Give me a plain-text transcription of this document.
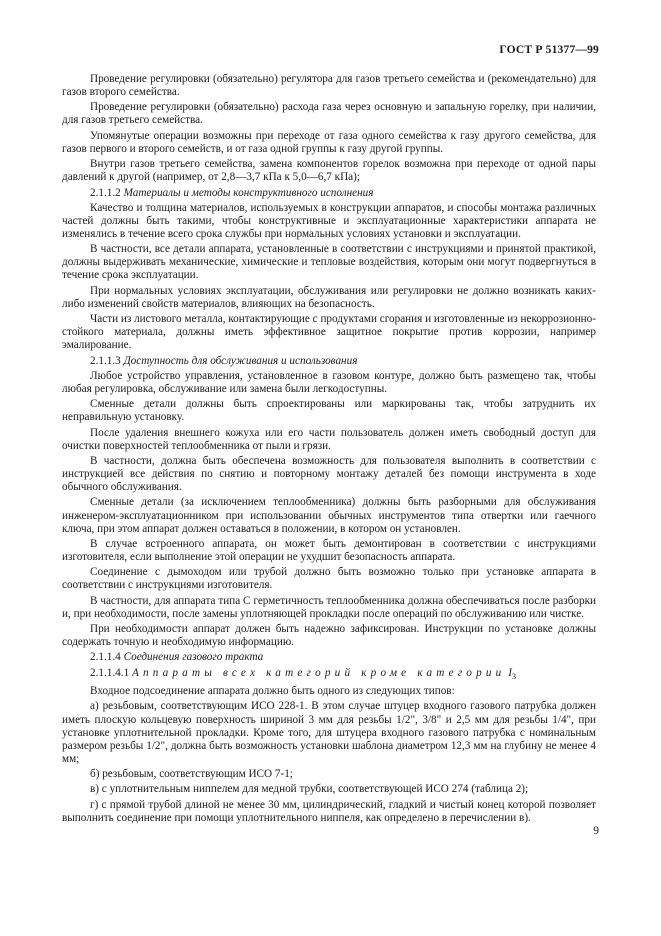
ГОСТ Р 51377—99
Проведение регулировки (обязательно) регулятора для газов третьего семейства и (рекомендательно) для газов второго семейства.
Проведение регулировки (обязательно) расхода газа через основную и запальную горелку, при наличии, для газов третьего семейства.
Упомянутые операции возможны при переходе от газа одного семейства к газу другого семейства, для газов первого и второго семейств, и от газа одной группы к газу другой группы.
Внутри газов третьего семейства, замена компонентов горелок возможна при переходе от одной пары давлений к другой (например, от 2,8—3,7 кПа к 5,0—6,7 кПа);
2.1.1.2 Материалы и методы конструктивного исполнения
Качество и толщина материалов, используемых в конструкции аппаратов, и способы монтажа различных частей должны быть такими, чтобы конструктивные и эксплуатационные характеристики аппарата не изменялись в течение всего срока службы при нормальных условиях установки и эксплуатации.
В частности, все детали аппарата, установленные в соответствии с инструкциями и принятой практикой, должны выдерживать механические, химические и тепловые воздействия, которым они могут подвергнуться в течение срока эксплуатации.
При нормальных условиях эксплуатации, обслуживания или регулировки не должно возникать каких-либо изменений свойств материалов, влияющих на безопасность.
Части из листового металла, контактирующие с продуктами сгорания и изготовленные из некоррозионно-стойкого материала, должны иметь эффективное защитное покрытие против коррозии, например эмалирование.
2.1.1.3 Доступность для обслуживания и использования
Любое устройство управления, установленное в газовом контуре, должно быть размещено так, чтобы любая регулировка, обслуживание или замена были легкодоступны.
Сменные детали должны быть спроектированы или маркированы так, чтобы затруднить их неправильную установку.
После удаления внешнего кожуха или его части пользователь должен иметь свободный доступ для очистки поверхностей теплообменника от пыли и грязи.
В частности, должна быть обеспечена возможность для пользователя выполнить в соответствии с инструкцией все действия по снятию и повторному монтажу деталей без помощи инструмента в ходе обычного обслуживания.
Сменные детали (за исключением теплообменника) должны быть разборными для обслуживания инженером-эксплуатационником при использовании обычных инструментов типа отвертки или гаечного ключа, при этом аппарат должен оставаться в положении, в котором он установлен.
В случае встроенного аппарата, он может быть демонтирован в соответствии с инструкциями изготовителя, если выполнение этой операции не ухудшит безопасность аппарата.
Соединение с дымоходом или трубой должно быть возможно только при установке аппарата в соответствии с инструкциями изготовителя.
В частности, для аппарата типа С герметичность теплообменника должна обеспечиваться после разборки и, при необходимости, после замены уплотняющей прокладки после операций по обслуживанию или чистке.
При необходимости аппарат должен быть надежно зафиксирован. Инструкции по установке должны содержать точную и необходимую информацию.
2.1.1.4 Соединения газового тракта
2.1.1.4.1 Аппараты всех категорий кроме категории $I_3$
Входное подсоединение аппарата должно быть одного из следующих типов:
а) резьбовым, соответствующим ИСО 228-1. В этом случае штуцер входного газового патрубка должен иметь плоскую кольцевую поверхность шириной 3 мм для резьбы 1/2", 3/8" и 2,5 мм для резьбы 1/4", при установке уплотнительной прокладки. Кроме того, для штуцера входного газового патрубка с номинальным размером резьбы 1/2", должна быть возможность установки шаблона диаметром 12,3 мм на глубину не менее 4 мм;
б) резьбовым, соответствующим ИСО 7-1;
в) с уплотнительным ниппелем для медной трубки, соответствующей ИСО 274 (таблица 2);
г) с прямой трубой длиной не менее 30 мм, цилиндрический, гладкий и чистый конец которой позволяет выполнить соединение при помощи уплотнительного ниппеля, как определено в перечислении в).
9
